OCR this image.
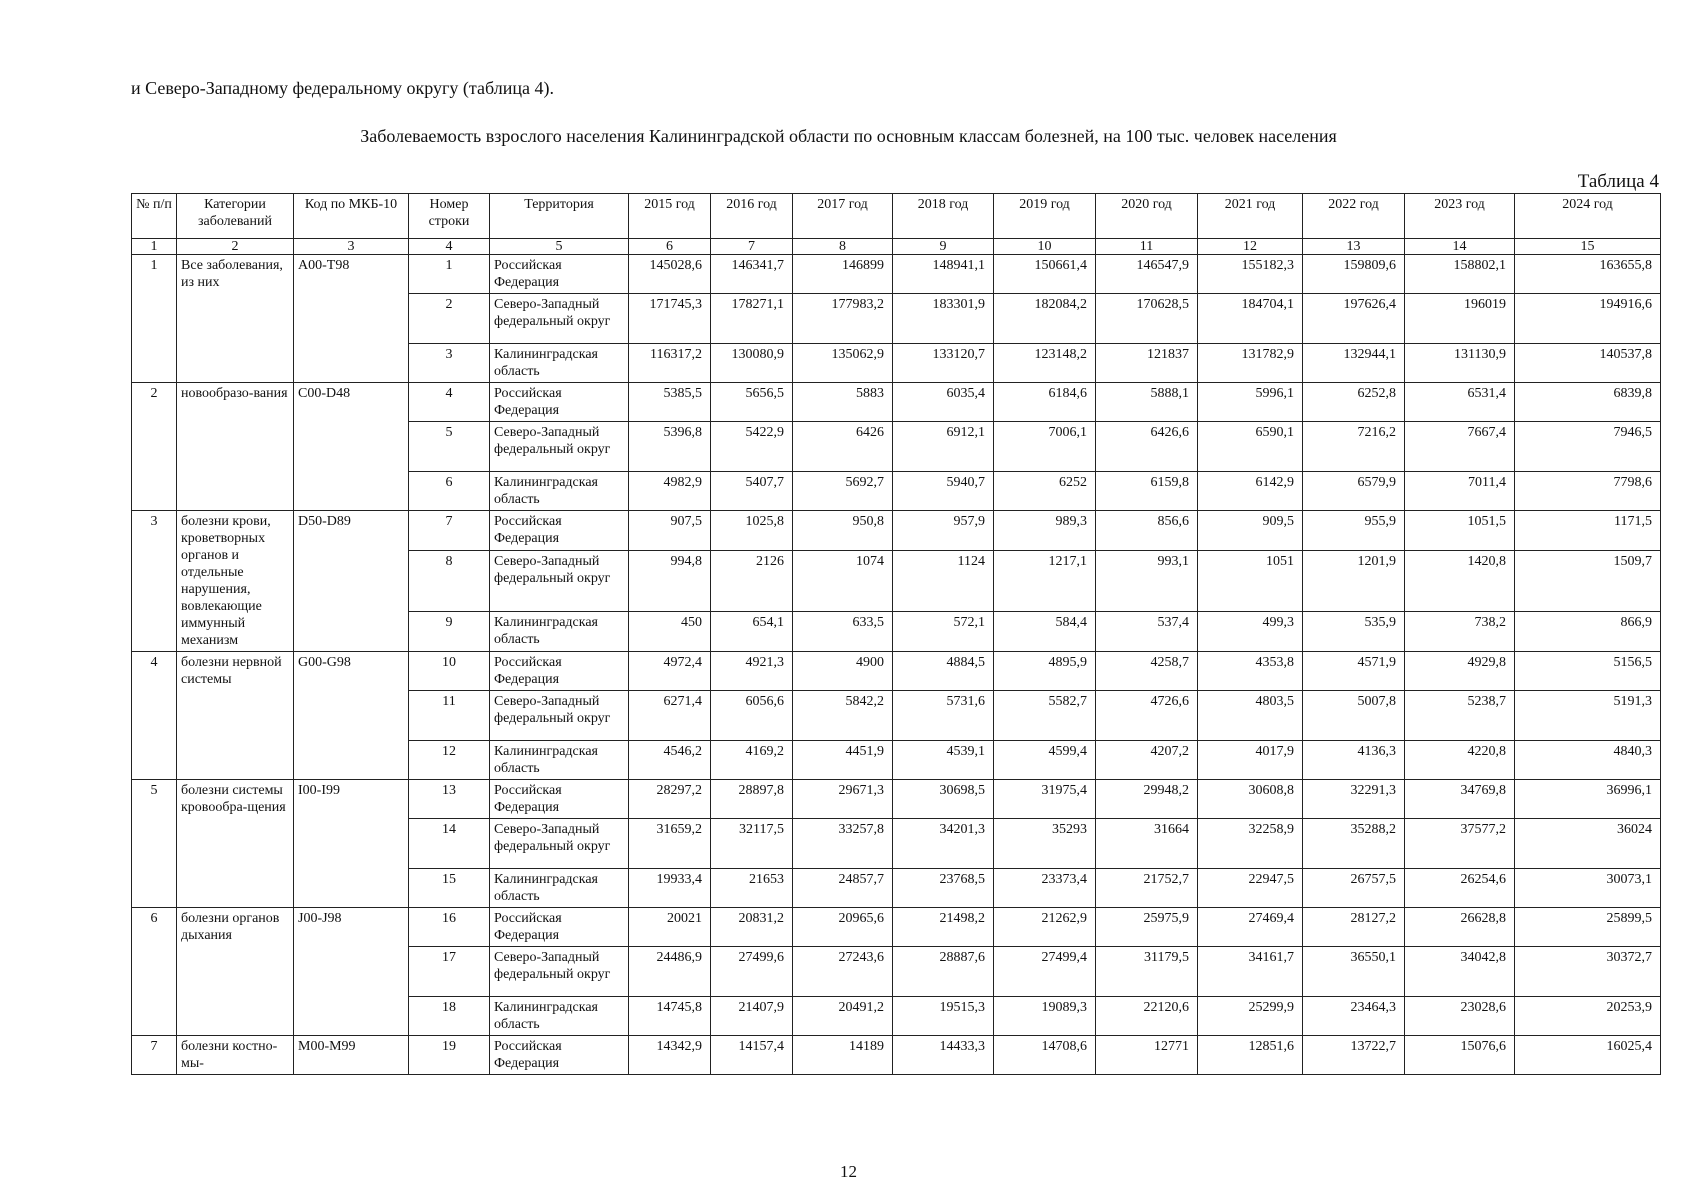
и Северо-Западному федеральному округу (таблица 4).
Заболеваемость взрослого населения Калининградской области по основным классам болезней, на 100 тыс. человек населения
Таблица 4
№ п/п	Категории заболеваний	Код по МКБ-10	Номер строки	Территория	2015 год	2016 год	2017 год	2018 год	2019 год	2020 год	2021 год	2022 год	2023 год	2024 год
1	2	3	4	5	6	7	8	9	10	11	12	13	14	15
1	Все заболевания, из них	A00-T98	1	Российская Федерация	145028,6	146341,7	146899	148941,1	150661,4	146547,9	155182,3	159809,6	158802,1	163655,8
			2	Северо-Западный федеральный округ	171745,3	178271,1	177983,2	183301,9	182084,2	170628,5	184704,1	197626,4	196019	194916,6
			3	Калининградская область	116317,2	130080,9	135062,9	133120,7	123148,2	121837	131782,9	132944,1	131130,9	140537,8
2	новообразо-вания	C00-D48	4	Российская Федерация	5385,5	5656,5	5883	6035,4	6184,6	5888,1	5996,1	6252,8	6531,4	6839,8
			5	Северо-Западный федеральный округ	5396,8	5422,9	6426	6912,1	7006,1	6426,6	6590,1	7216,2	7667,4	7946,5
			6	Калининградская область	4982,9	5407,7	5692,7	5940,7	6252	6159,8	6142,9	6579,9	7011,4	7798,6
3	болезни крови, кроветворных органов и отдельные нарушения, вовлекающие иммунный механизм	D50-D89	7	Российская Федерация	907,5	1025,8	950,8	957,9	989,3	856,6	909,5	955,9	1051,5	1171,5
			8	Северо-Западный федеральный округ	994,8	2126	1074	1124	1217,1	993,1	1051	1201,9	1420,8	1509,7
			9	Калининградская область	450	654,1	633,5	572,1	584,4	537,4	499,3	535,9	738,2	866,9
4	болезни нервной системы	G00-G98	10	Российская Федерация	4972,4	4921,3	4900	4884,5	4895,9	4258,7	4353,8	4571,9	4929,8	5156,5
			11	Северо-Западный федеральный округ	6271,4	6056,6	5842,2	5731,6	5582,7	4726,6	4803,5	5007,8	5238,7	5191,3
			12	Калининградская область	4546,2	4169,2	4451,9	4539,1	4599,4	4207,2	4017,9	4136,3	4220,8	4840,3
5	болезни системы кровообра-щения	I00-I99	13	Российская Федерация	28297,2	28897,8	29671,3	30698,5	31975,4	29948,2	30608,8	32291,3	34769,8	36996,1
			14	Северо-Западный федеральный округ	31659,2	32117,5	33257,8	34201,3	35293	31664	32258,9	35288,2	37577,2	36024
			15	Калининградская область	19933,4	21653	24857,7	23768,5	23373,4	21752,7	22947,5	26757,5	26254,6	30073,1
6	болезни органов дыхания	J00-J98	16	Российская Федерация	20021	20831,2	20965,6	21498,2	21262,9	25975,9	27469,4	28127,2	26628,8	25899,5
			17	Северо-Западный федеральный округ	24486,9	27499,6	27243,6	28887,6	27499,4	31179,5	34161,7	36550,1	34042,8	30372,7
			18	Калининградская область	14745,8	21407,9	20491,2	19515,3	19089,3	22120,6	25299,9	23464,3	23028,6	20253,9
7	болезни костно-мы-	M00-M99	19	Российская Федерация	14342,9	14157,4	14189	14433,3	14708,6	12771	12851,6	13722,7	15076,6	16025,4
12
